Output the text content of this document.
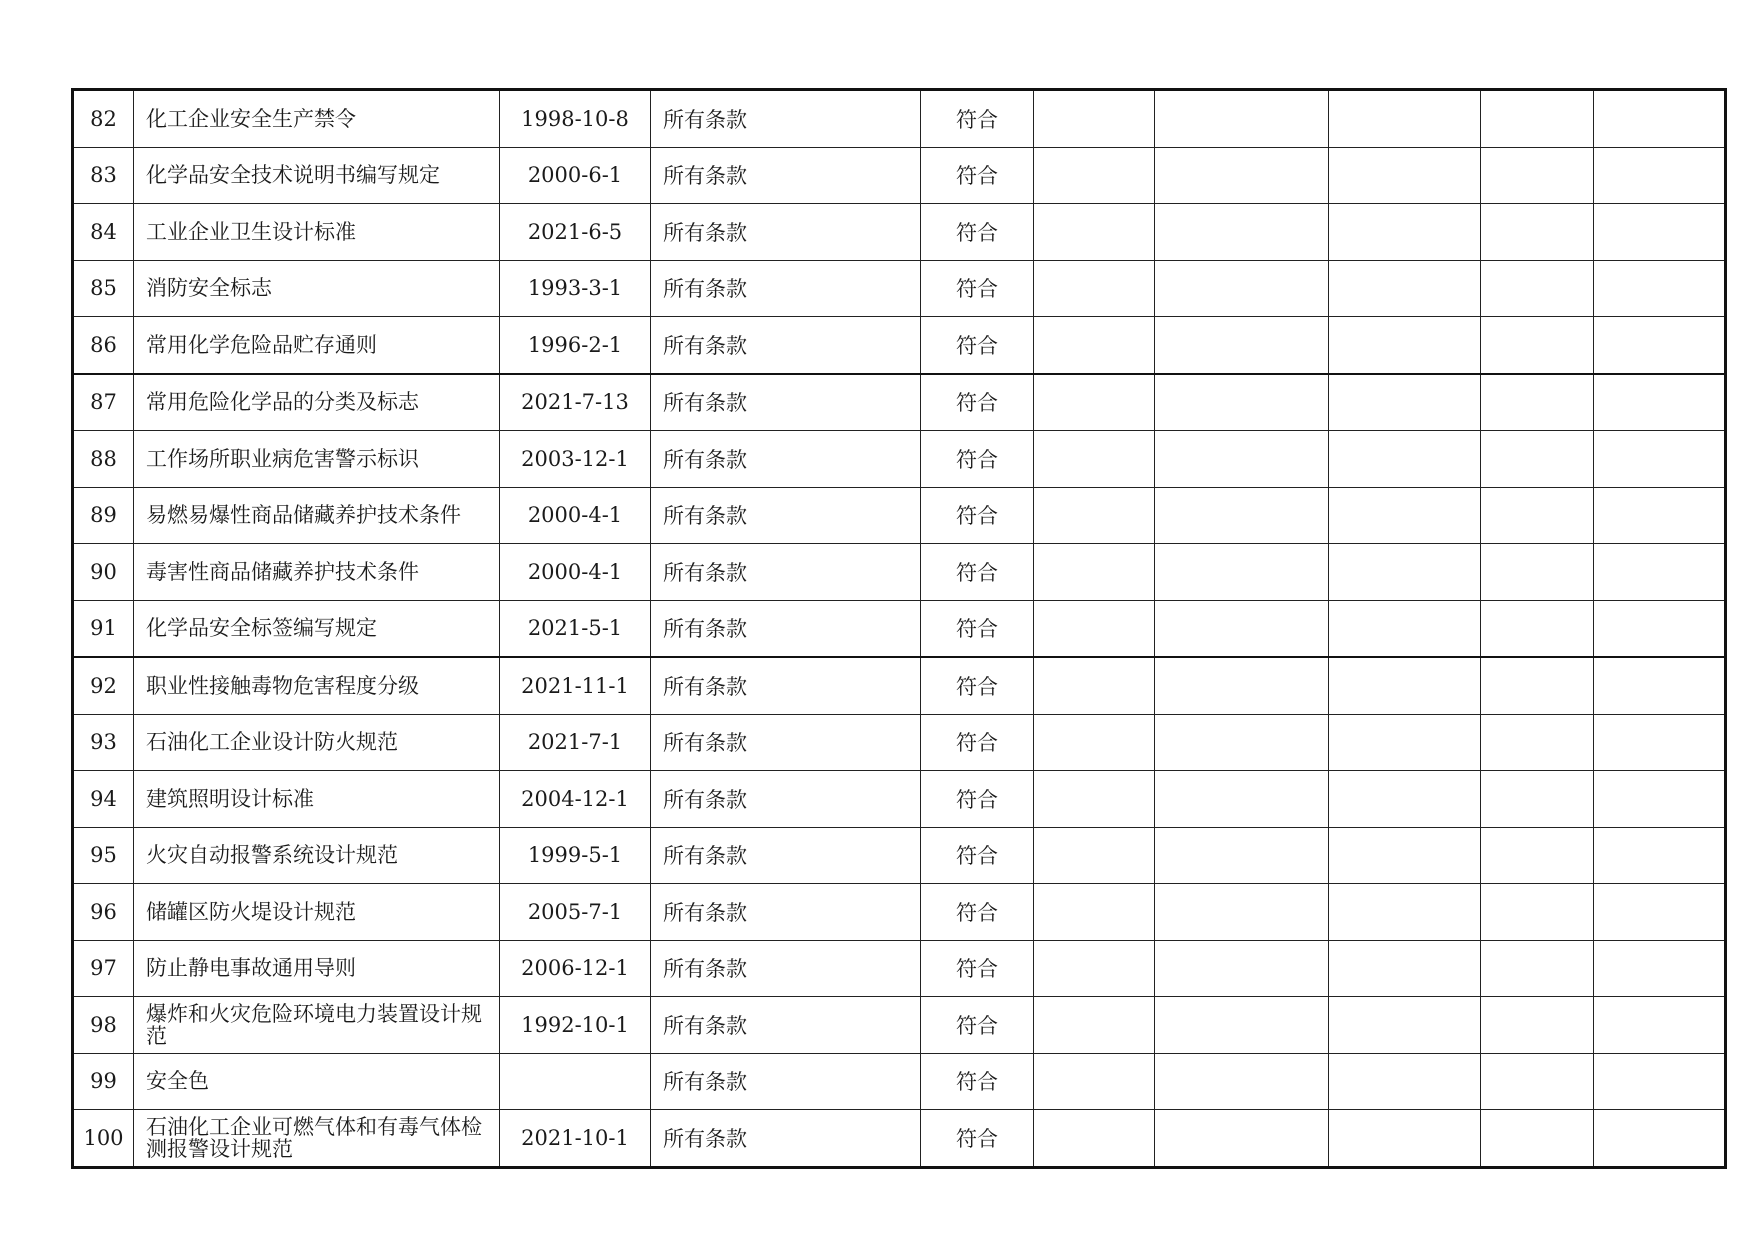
82	化工企业安全生产禁令	1998-10-8	所有条款	符合					
83	化学品安全技术说明书编写规定	2000-6-1	所有条款	符合					
84	工业企业卫生设计标准	2021-6-5	所有条款	符合					
85	消防安全标志	1993-3-1	所有条款	符合					
86	常用化学危险品贮存通则	1996-2-1	所有条款	符合					
87	常用危险化学品的分类及标志	2021-7-13	所有条款	符合					
88	工作场所职业病危害警示标识	2003-12-1	所有条款	符合					
89	易燃易爆性商品储藏养护技术条件	2000-4-1	所有条款	符合					
90	毒害性商品储藏养护技术条件	2000-4-1	所有条款	符合					
91	化学品安全标签编写规定	2021-5-1	所有条款	符合					
92	职业性接触毒物危害程度分级	2021-11-1	所有条款	符合					
93	石油化工企业设计防火规范	2021-7-1	所有条款	符合					
94	建筑照明设计标准	2004-12-1	所有条款	符合					
95	火灾自动报警系统设计规范	1999-5-1	所有条款	符合					
96	储罐区防火堤设计规范	2005-7-1	所有条款	符合					
97	防止静电事故通用导则	2006-12-1	所有条款	符合					
98	爆炸和火灾危险环境电力装置设计规范	1992-10-1	所有条款	符合					
99	安全色		所有条款	符合					
100	石油化工企业可燃气体和有毒气体检测报警设计规范	2021-10-1	所有条款	符合					
